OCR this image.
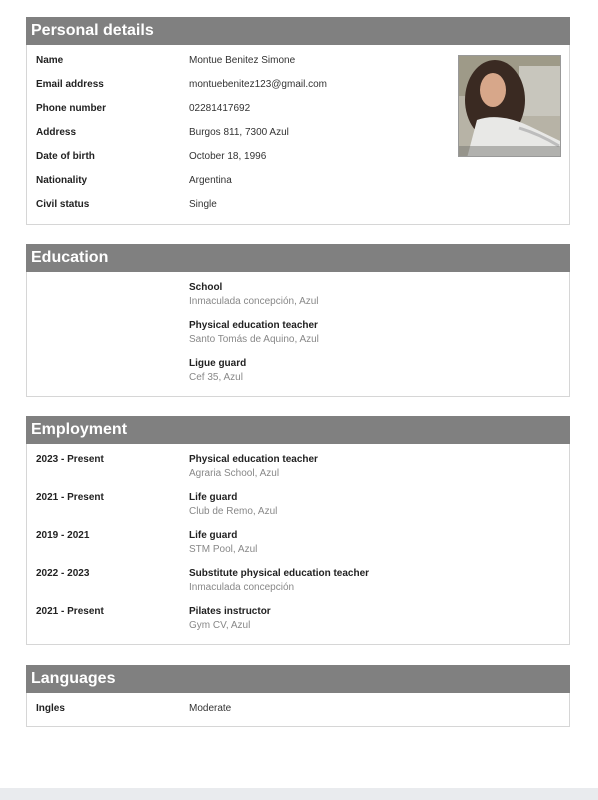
Personal details
Name	Montue Benitez Simone
Email address	montuebenitez123@gmail.com
Phone number	02281417692
Address	Burgos 811, 7300 Azul
Date of birth	October 18, 1996
Nationality	Argentina
Civil status	Single
Education
School
Inmaculada concepción, Azul
Physical education teacher
Santo Tomás de Aquino, Azul
Ligue guard
Cef 35, Azul
Employment
2023 - Present	Physical education teacher
Agraria School, Azul
2021 - Present	Life guard
Club de Remo, Azul
2019 - 2021	Life guard
STM Pool, Azul
2022 - 2023	Substitute physical education teacher
Inmaculada concepción
2021 - Present	Pilates instructor
Gym CV, Azul
Languages
Ingles	Moderate
